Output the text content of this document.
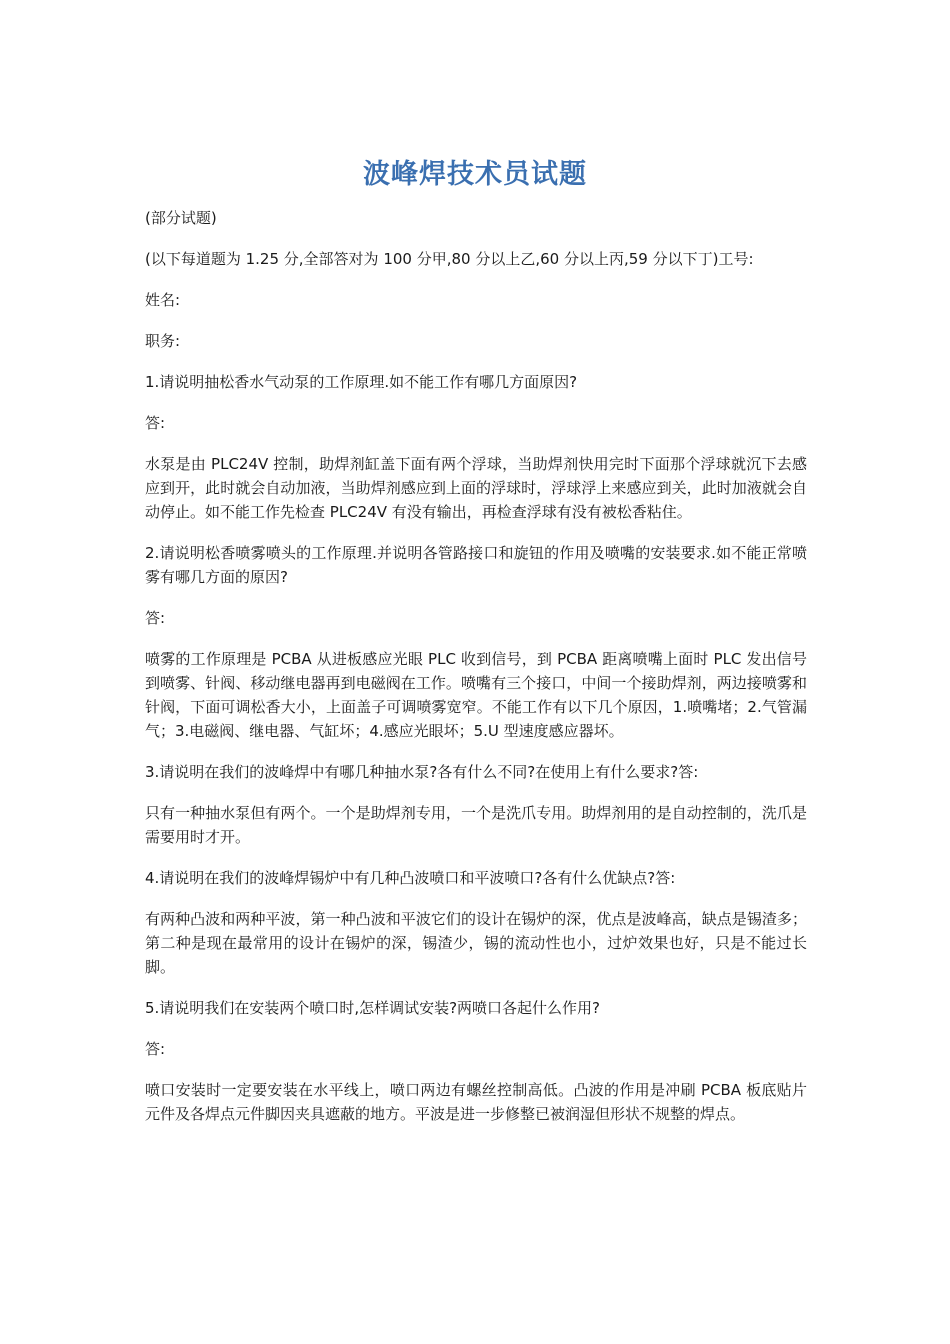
波峰焊技术员试题

(部分试题)

(以下每道题为 1.25 分,全部答对为 100 分甲,80 分以上乙,60 分以上丙,59 分以下丁)工号:

姓名:

职务:

1.请说明抽松香水气动泵的工作原理.如不能工作有哪几方面原因?

答:

水泵是由 PLC24V 控制，助焊剂缸盖下面有两个浮球，当助焊剂快用完时下面那个浮球就沉下去感应到开，此时就会自动加液，当助焊剂感应到上面的浮球时，浮球浮上来感应到关，此时加液就会自动停止。如不能工作先检查 PLC24V 有没有输出，再检查浮球有没有被松香粘住。

2.请说明松香喷雾喷头的工作原理.并说明各管路接口和旋钮的作用及喷嘴的安装要求.如不能正常喷雾有哪几方面的原因?

答:

喷雾的工作原理是 PCBA 从进板感应光眼 PLC 收到信号，到 PCBA 距离喷嘴上面时 PLC 发出信号到喷雾、针阀、移动继电器再到电磁阀在工作。喷嘴有三个接口，中间一个接助焊剂，两边接喷雾和针阀，下面可调松香大小，上面盖子可调喷雾宽窄。不能工作有以下几个原因，1.喷嘴堵；2.气管漏气；3.电磁阀、继电器、气缸坏；4.感应光眼坏；5.U 型速度感应器坏。

3.请说明在我们的波峰焊中有哪几种抽水泵?各有什么不同?在使用上有什么要求?答:

只有一种抽水泵但有两个。一个是助焊剂专用，一个是洗爪专用。助焊剂用的是自动控制的，洗爪是需要用时才开。

4.请说明在我们的波峰焊锡炉中有几种凸波喷口和平波喷口?各有什么优缺点?答:

有两种凸波和两种平波，第一种凸波和平波它们的设计在锡炉的深，优点是波峰高，缺点是锡渣多；第二种是现在最常用的设计在锡炉的深，锡渣少，锡的流动性也小，过炉效果也好，只是不能过长脚。

5.请说明我们在安装两个喷口时,怎样调试安装?两喷口各起什么作用?

答:

喷口安装时一定要安装在水平线上，喷口两边有螺丝控制高低。凸波的作用是冲刷 PCBA 板底贴片元件及各焊点元件脚因夹具遮蔽的地方。平波是进一步修整已被润湿但形状不规整的焊点。
